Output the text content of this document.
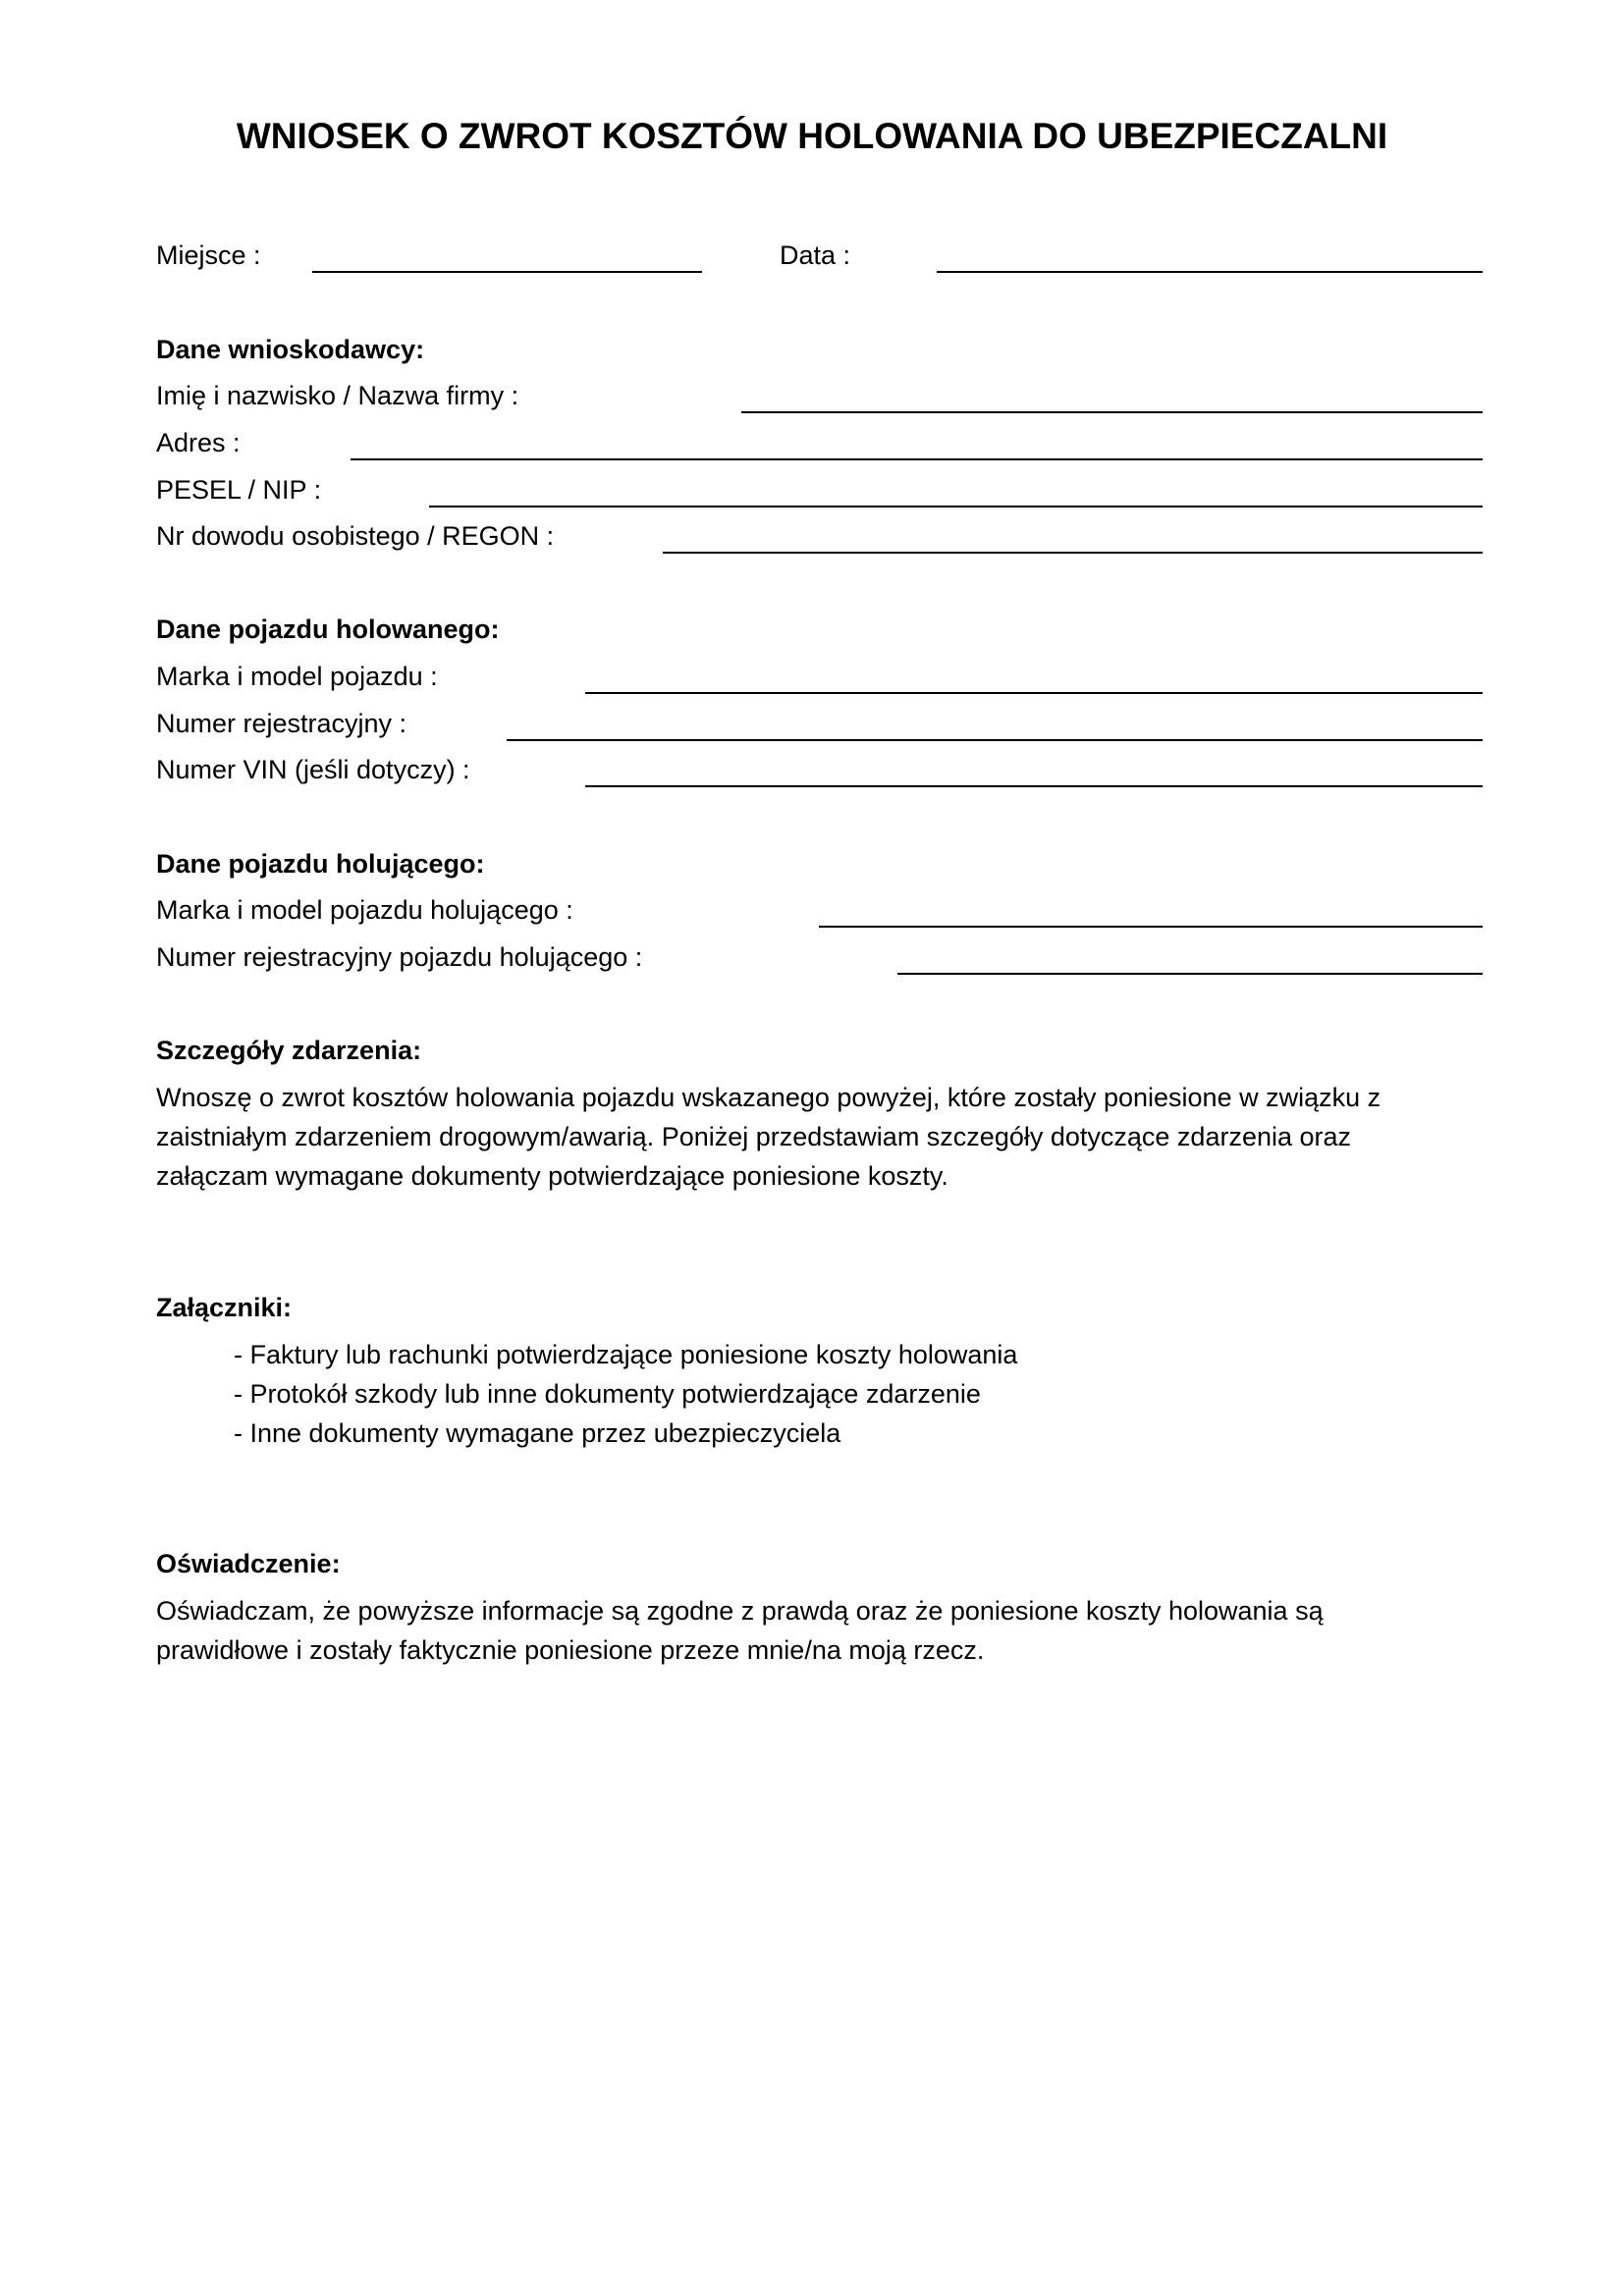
WNIOSEK O ZWROT KOSZTÓW HOLOWANIA DO UBEZPIECZALNI
Miejsce :	Data :
Dane wnioskodawcy:
Imię i nazwisko / Nazwa firmy :
Adres :
PESEL / NIP :
Nr dowodu osobistego / REGON :
Dane pojazdu holowanego:
Marka i model pojazdu :
Numer rejestracyjny :
Numer VIN (jeśli dotyczy) :
Dane pojazdu holującego:
Marka i model pojazdu holującego :
Numer rejestracyjny pojazdu holującego :
Szczegóły zdarzenia:
Wnoszę o zwrot kosztów holowania pojazdu wskazanego powyżej, które zostały poniesione w związku z
zaistniałym zdarzeniem drogowym/awarią. Poniżej przedstawiam szczegóły dotyczące zdarzenia oraz
załączam wymagane dokumenty potwierdzające poniesione koszty.
Załączniki:
- Faktury lub rachunki potwierdzające poniesione koszty holowania
- Protokół szkody lub inne dokumenty potwierdzające zdarzenie
- Inne dokumenty wymagane przez ubezpieczyciela
Oświadczenie:
Oświadczam, że powyższe informacje są zgodne z prawdą oraz że poniesione koszty holowania są
prawidłowe i zostały faktycznie poniesione przeze mnie/na moją rzecz.
